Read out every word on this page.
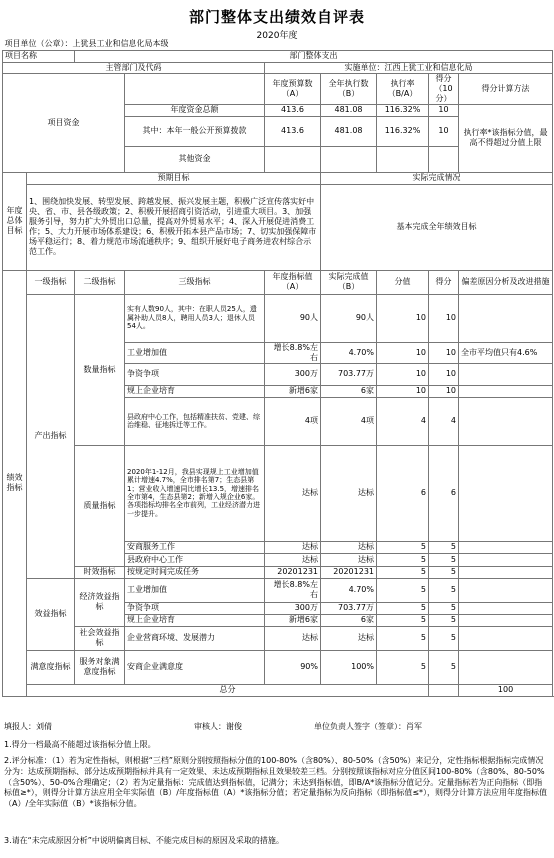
部门整体支出绩效自评表
2020年度
项目单位（公章）：上犹县工业和信息化局本级								
项目名称		部门整体支出						
主管部门及代码				实施单位：江西上犹工业和信息化局				
项目资金				年度预算数（A）	全年执行数（B）	执行率（B/A）	得分（10分）	得分计算方法
			年度资金总额	413.6	481.08	116.32%	10	执行率*该指标分值，最高不得超过分值上限
			其中：本年一般公开预算拨款	413.6	481.08	116.32%	10	
			其他资金					
年度总体目标	预期目标				实际完成情况			
	1、围绕加快发展、转型发展、跨越发展、振兴发展主题，积极广泛宣传落实好中央、省、市、县各级政策；2、积极开展招商引资活动，引进重大项目。3、加强服务引导，努力扩大外贸出口总量，提高对外贸易水平；4、深入开展促进消费工作；5、大力开展市场体系建设；6、积极开拓本县产品市场；7、切实加强保障市场平稳运行；8、着力规范市场流通秩序；9、组织开展好电子商务进农村综合示范工作。				基本完成全年绩效目标			
绩效指标	一级指标	二级指标	三级指标	年度指标值（A）	实际完成值（B）	分值	得分	偏差原因分析及改进措施
	产出指标	数量指标	实有人数90人，其中：在职人员25人，遗属补助人员8人，聘用人员3人；退休人员54人。	90人	90人	10	10	
			工业增加值	增长8.8%左右	4.70%	10	10	全市平均值只有4.6%
			争资争项	300万	703.77万	10	10	
			规上企业培育	新增6家	6家	10	10	
			县政府中心工作，包括精准扶贫、党建、综治维稳、征地拆迁等工作。	4项	4项	4	4	
		质量指标	2020年1-12月，我县实现规上工业增加值累计增速4.7%，全市排名第7；生态县第1；营业收入增速同比增长13.5，增速排名全市第4，生态县第2；新增入规企业6家。各项指标均排名全市前列，工业经济潜力进一步提升。	达标	达标	6	6	
			安商服务工作	达标	达标	5	5	
			县政府中心工作	达标	达标	5	5	
		时效指标	按规定时间完成任务	20201231	20201231	5	5	
	效益指标	经济效益指标	工业增加值	增长8.8%左右	4.70%	5	5	
			争资争项	300万	703.77万	5	5	
			规上企业培育	新增6家	6家	5	5	
		社会效益指标	企业营商环境、发展潜力	达标	达标	5	5	
	满意度指标	服务对象满意度指标	安商企业满意度	90%	100%	5	5	
	总分							100
填报人：刘倩	审核人：谢俊	单位负责人签字（签章）：肖军
1.得分一档最高不能超过该指标分值上限。
2.评分标准：（1）若为定性指标，则根据“三档”原则分别按照指标分值的100-80%（含80%）、80-50%（含50%）来记分，定性指标根据指标完成情况分为：达成预期指标、部分达成预期指标并具有一定效果、未达成预期指标且效果较差三档。分别按照该指标对应分值区间100-80%（含80%、80-50%（含50%）、50-0%合理确定；（2）若为定量指标：完成值达到指标值，记满分；未达到指标值，即B/A*该指标分值记分。定量指标若为正向指标（即指标值≥*），则得分计算方法应用全年实际值（B）/年度指标值（A）*该指标分值；若定量指标为反向指标（即指标值≤*），则得分计算方法应用年度指标值（A）/全年实际值（B）*该指标分值。
3.请在“未完成原因分析”中说明偏离目标、不能完成目标的原因及采取的措施。
